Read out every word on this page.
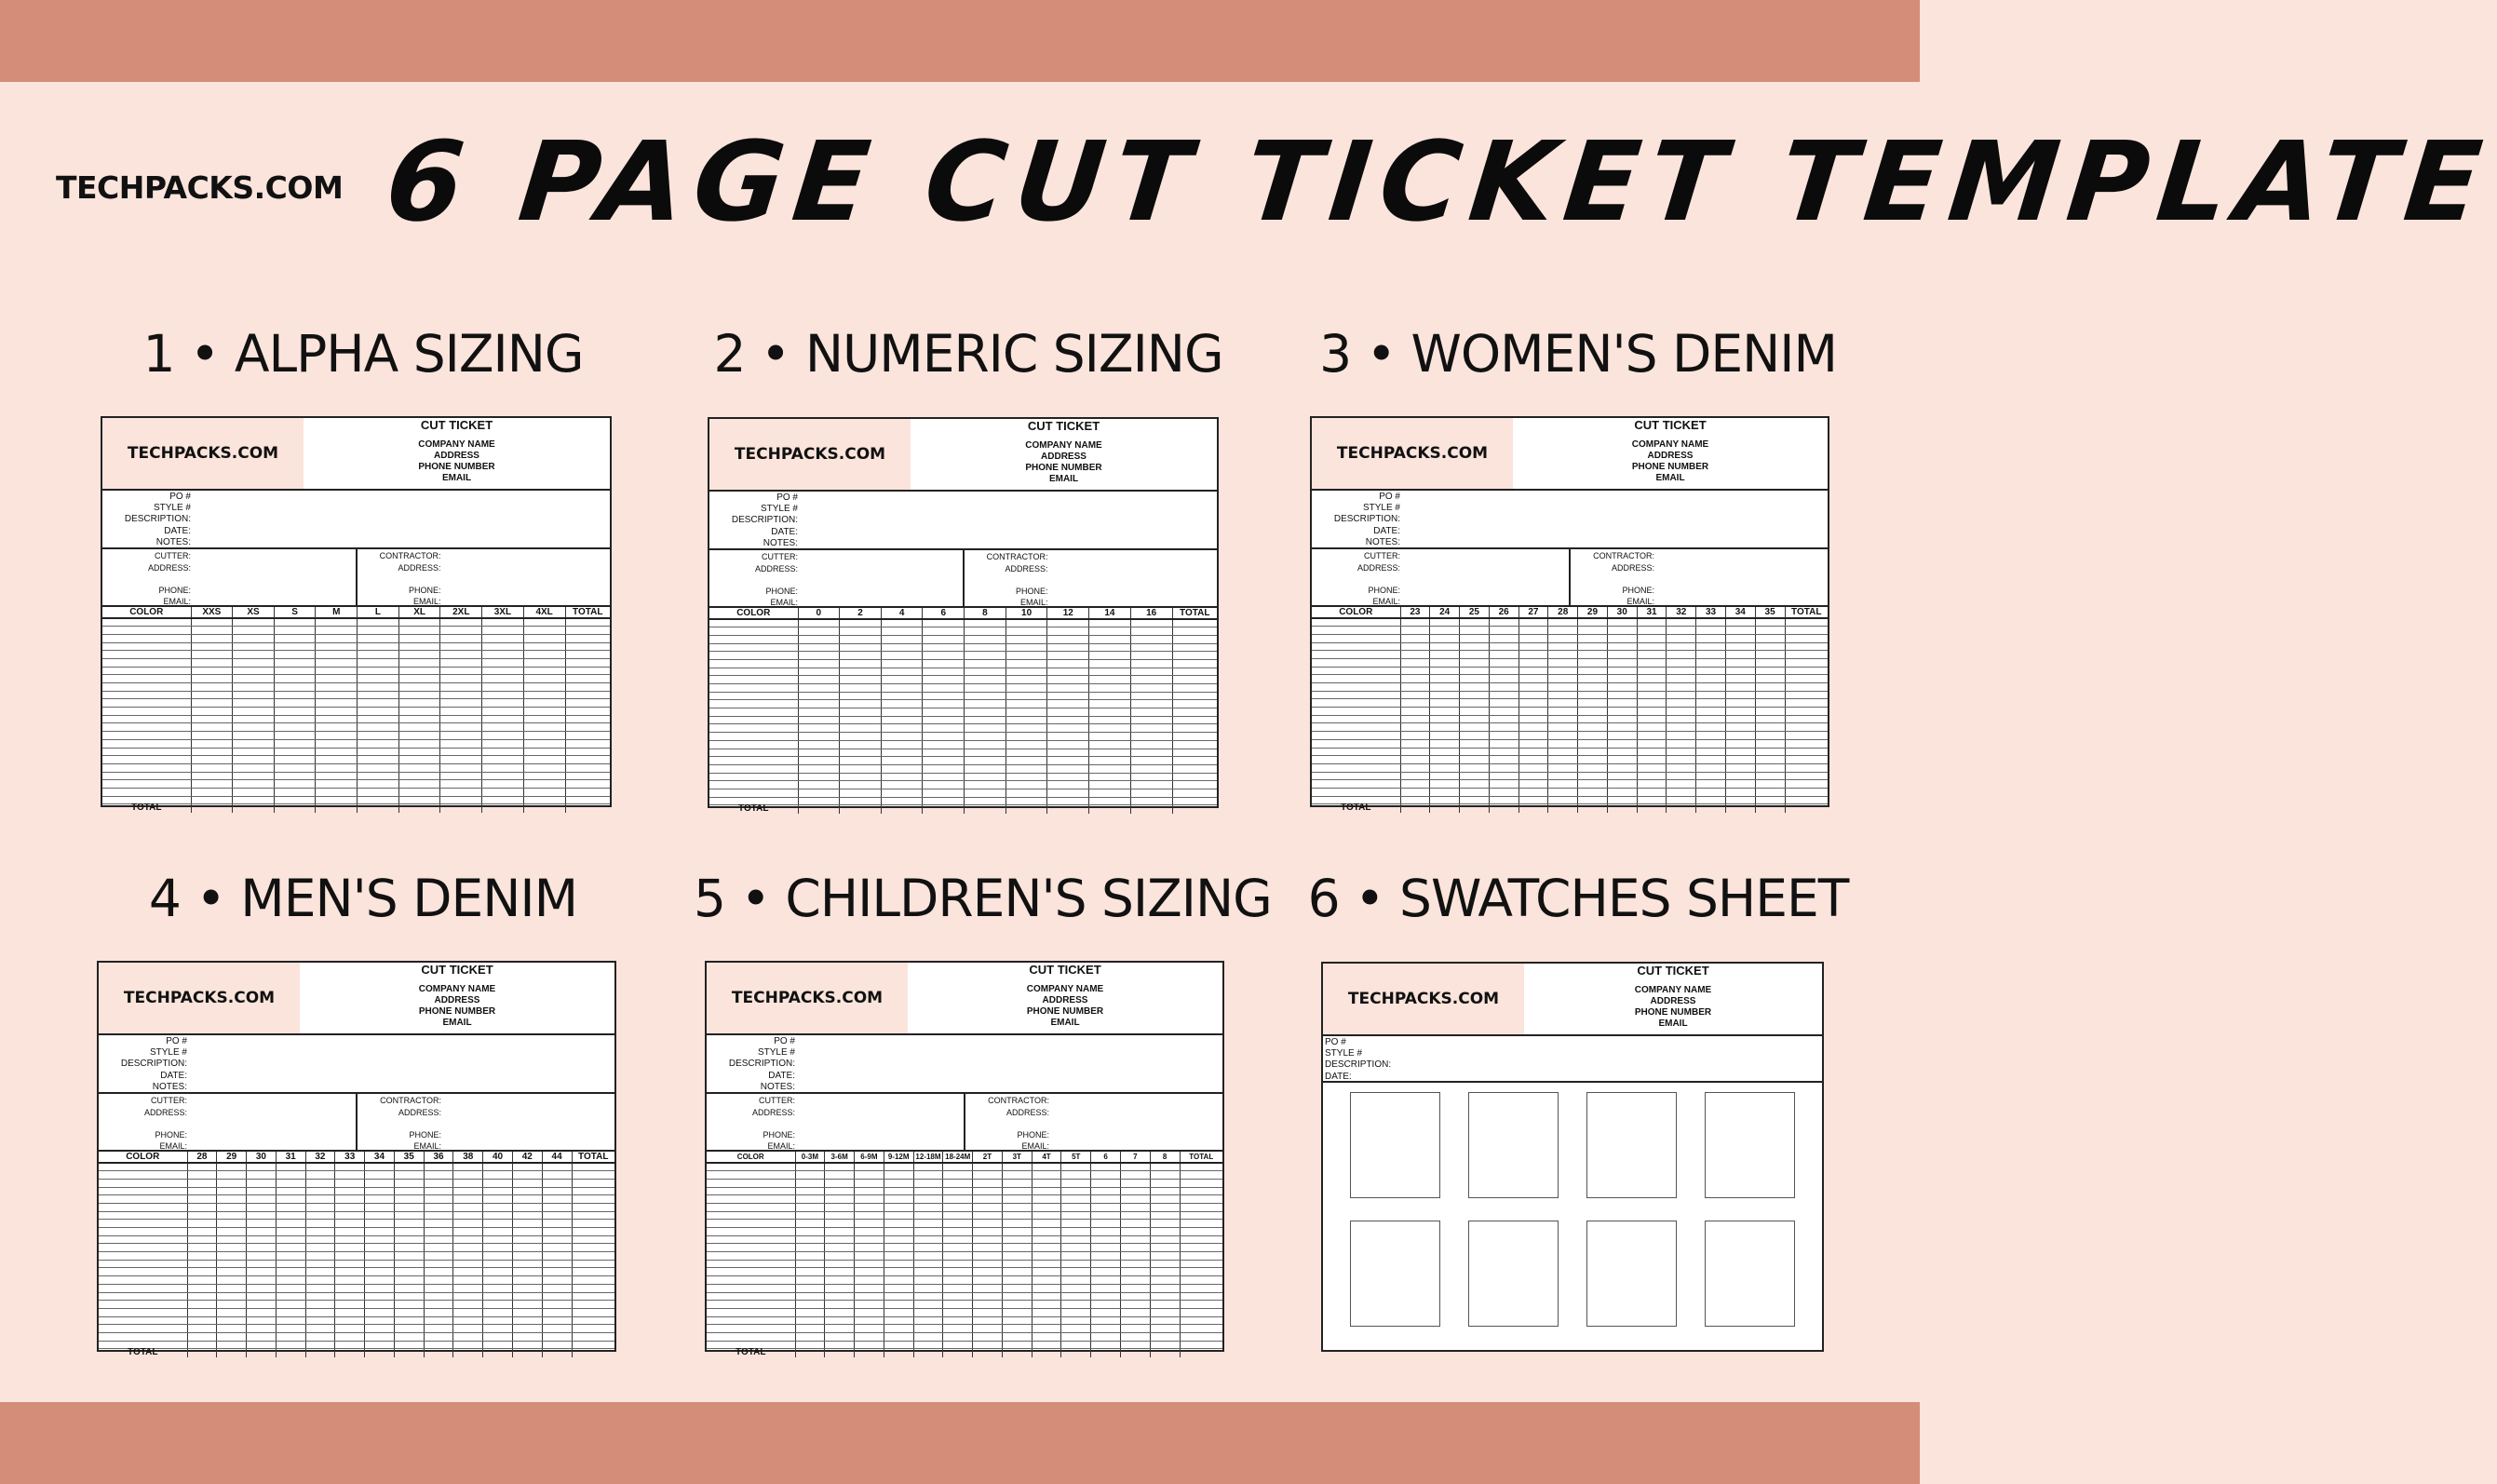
TECHPACKS.COM 6 PAGE CUT TICKET TEMPLATE
1 • ALPHA SIZING
TECHPACKS.COM
CUT TICKET
COMPANY NAME
ADDRESS
PHONE NUMBER
EMAIL
PO #
STYLE #
DESCRIPTION:
DATE:
NOTES:
CUTTER:
ADDRESS:
PHONE:
EMAIL:
CONTRACTOR:
ADDRESS:
PHONE:
EMAIL:
COLOR	XXS	XS	S	M	L	XL	2XL	3XL	4XL	TOTAL

TOTAL										
2 • NUMERIC SIZING
TECHPACKS.COM
CUT TICKET
COMPANY NAME
ADDRESS
PHONE NUMBER
EMAIL
PO #
STYLE #
DESCRIPTION:
DATE:
NOTES:
CUTTER:
ADDRESS:
PHONE:
EMAIL:
CONTRACTOR:
ADDRESS:
PHONE:
EMAIL:
COLOR	0	2	4	6	8	10	12	14	16	TOTAL

TOTAL										
3 • WOMEN'S DENIM
TECHPACKS.COM
CUT TICKET
COMPANY NAME
ADDRESS
PHONE NUMBER
EMAIL
PO #
STYLE #
DESCRIPTION:
DATE:
NOTES:
CUTTER:
ADDRESS:
PHONE:
EMAIL:
CONTRACTOR:
ADDRESS:
PHONE:
EMAIL:
COLOR	23	24	25	26	27	28	29	30	31	32	33	34	35	TOTAL

TOTAL														
4 • MEN'S DENIM
TECHPACKS.COM
CUT TICKET
COMPANY NAME
ADDRESS
PHONE NUMBER
EMAIL
PO #
STYLE #
DESCRIPTION:
DATE:
NOTES:
CUTTER:
ADDRESS:
PHONE:
EMAIL:
CONTRACTOR:
ADDRESS:
PHONE:
EMAIL:
COLOR	28	29	30	31	32	33	34	35	36	38	40	42	44	TOTAL

TOTAL														
5 • CHILDREN'S SIZING
TECHPACKS.COM
CUT TICKET
COMPANY NAME
ADDRESS
PHONE NUMBER
EMAIL
PO #
STYLE #
DESCRIPTION:
DATE:
NOTES:
CUTTER:
ADDRESS:
PHONE:
EMAIL:
CONTRACTOR:
ADDRESS:
PHONE:
EMAIL:
COLOR	0-3M	3-6M	6-9M	9-12M	12-18M	18-24M	2T	3T	4T	5T	6	7	8	TOTAL

TOTAL														
6 • SWATCHES SHEET
TECHPACKS.COM
CUT TICKET
COMPANY NAME
ADDRESS
PHONE NUMBER
EMAIL
PO #
STYLE #
DESCRIPTION:
DATE:
